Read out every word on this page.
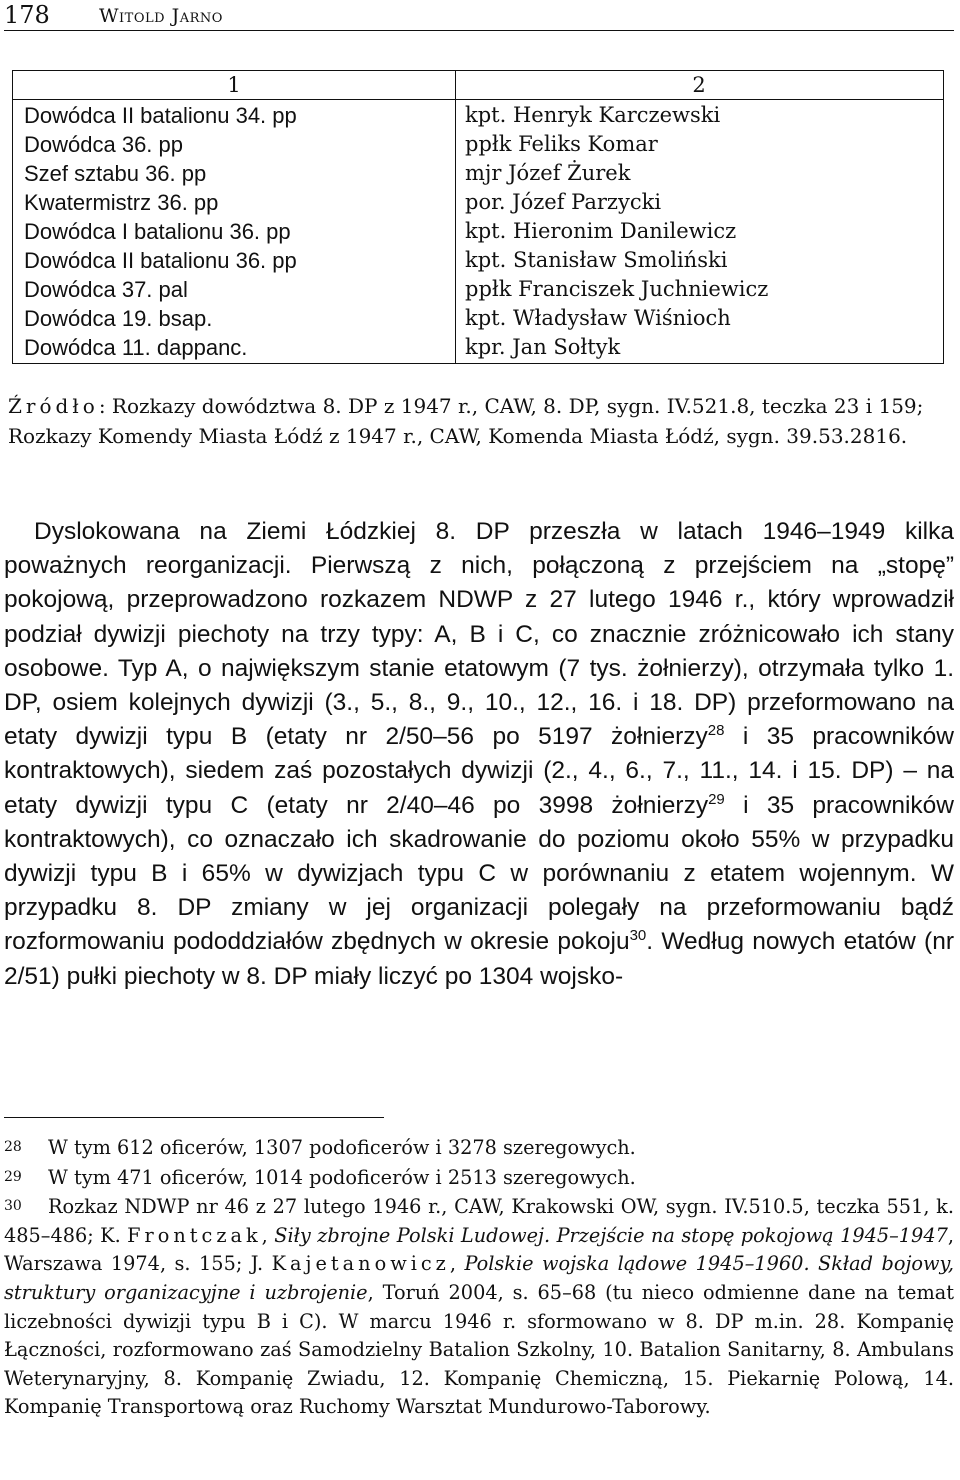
178	Witold Jarno
1	2
Dowódca II batalionu 34. pp
Dowódca 36. pp
Szef sztabu 36. pp
Kwatermistrz 36. pp
Dowódca I batalionu 36. pp
Dowódca II batalionu 36. pp
Dowódca 37. pal
Dowódca 19. bsap.
Dowódca 11. dappanc.
kpt. Henryk Karczewski
ppłk Feliks Komar
mjr Józef Żurek
por. Józef Parzycki
kpt. Hieronim Danilewicz
kpt. Stanisław Smoliński
ppłk Franciszek Juchniewicz
kpt. Władysław Wiśnioch
kpr. Jan Sołtyk
Źródło: Rozkazy dowództwa 8. DP z 1947 r., CAW, 8. DP, sygn. IV.521.8, teczka 23 i 159; Rozkazy Komendy Miasta Łódź z 1947 r., CAW, Komenda Miasta Łódź, sygn. 39.53.2816.
Dyslokowana na Ziemi Łódzkiej 8. DP przeszła w latach 1946–1949 kilka poważnych reorganizacji. Pierwszą z nich, połączoną z przejściem na „stopę” pokojową, przeprowadzono rozkazem NDWP z 27 lutego 1946 r., który wprowadził podział dywizji piechoty na trzy typy: A, B i C, co znacznie zróżnicowało ich stany osobowe. Typ A, o największym stanie etatowym (7 tys. żołnierzy), otrzymała tylko 1. DP, osiem kolejnych dywizji (3., 5., 8., 9., 10., 12., 16. i 18. DP) przeformowano na etaty dywizji typu B (etaty nr 2/50–56 po 5197 żołnierzy$^{28}$ i 35 pracowników kontraktowych), siedem zaś pozostałych dywizji (2., 4., 6., 7., 11., 14. i 15. DP) – na etaty dywizji typu C (etaty nr 2/40–46 po 3998 żołnierzy$^{29}$ i 35 pracowników kontraktowych), co oznaczało ich skadrowanie do poziomu około 55% w przypadku dywizji typu B i 65% w dywizjach typu C w porównaniu z etatem wojennym. W przypadku 8. DP zmiany w jej organizacji polegały na przeformowaniu bądź rozformowaniu pododdziałów zbędnych w okresie pokoju$^{30}$. Według nowych etatów (nr 2/51) pułki piechoty w 8. DP miały liczyć po 1304 wojsko-

28 W tym 612 oficerów, 1307 podoficerów i 3278 szeregowych.

29 W tym 471 oficerów, 1014 podoficerów i 2513 szeregowych.

30 Rozkaz NDWP nr 46 z 27 lutego 1946 r., CAW, Krakowski OW, sygn. IV.510.5, teczka 551, k. 485–486; K. Frontczak, Siły zbrojne Polski Ludowej. Przejście na stopę pokojową 1945–1947, Warszawa 1974, s. 155; J. Kajetanowicz, Polskie wojska lądowe 1945–1960. Skład bojowy, struktury organizacyjne i uzbrojenie, Toruń 2004, s. 65–68 (tu nieco odmienne dane na temat liczebności dywizji typu B i C). W marcu 1946 r. sformowano w 8. DP m.in. 28. Kompanię Łączności, rozformowano zaś Samodzielny Batalion Szkolny, 10. Batalion Sanitarny, 8. Ambulans Weterynaryjny, 8. Kompanię Zwiadu, 12. Kompanię Chemiczną, 15. Piekarnię Polową, 14. Kompanię Transportową oraz Ruchomy Warsztat Mundurowo-Taborowy.
